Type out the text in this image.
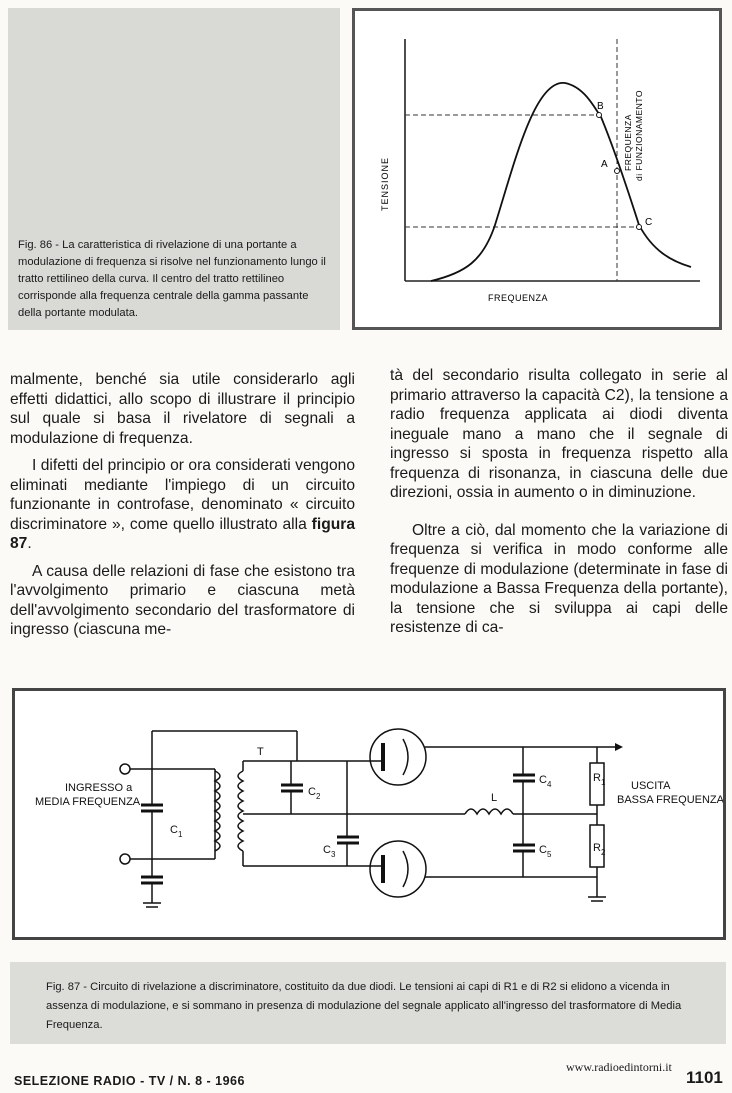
Fig. 86 - La caratteristica di rivelazione di una portante a modulazione di frequenza si risolve nel funzionamento lungo il tratto rettilineo della curva. Il centro del tratto rettilineo corrisponde alla frequenza centrale della gamma passante della portante modulata.
B
A
C
TENSIONE
FREQUENZA
FREQUENZA di FUNZIONAMENTO

malmente, benché sia utile considerarlo agli effetti didattici, allo scopo di illustrare il principio sul quale si basa il rivelatore di segnali a modulazione di frequenza.

I difetti del principio or ora considerati vengono eliminati mediante l'impiego di un circuito funzionante in controfase, denominato « circuito discriminatore », come quello illustrato alla figura 87.

A causa delle relazioni di fase che esistono tra l'avvolgimento primario e ciascuna metà dell'avvolgimento secondario del trasformatore di ingresso (ciascuna me-

tà del secondario risulta collegato in serie al primario attraverso la capacità C2), la tensione a radio frequenza applicata ai diodi diventa ineguale mano a mano che il segnale di ingresso si sposta in frequenza rispetto alla frequenza di risonanza, in ciascuna delle due direzioni, ossia in aumento o in diminuzione.

Oltre a ciò, dal momento che la variazione di frequenza si verifica in modo conforme alle frequenze di modulazione (determinate in fase di modulazione a Bassa Frequenza della portante), la tensione che si sviluppa ai capi delle resistenze di ca-

INGRESSO a
MEDIA FREQUENZA
USCITA
BASSA FREQUENZA
T
C 1
C 2
C 3
C 4
C 5
L
R 1
R 2
Fig. 87 - Circuito di rivelazione a discriminatore, costituito da due diodi. Le tensioni ai capi di R1 e di R2 si elidono a vicenda in assenza di modulazione, e si sommano in presenza di modulazione del segnale applicato all'ingresso del trasformatore di Media Frequenza.
SELEZIONE RADIO - TV / N. 8 - 1966
www.radioedintorni.it
1101
